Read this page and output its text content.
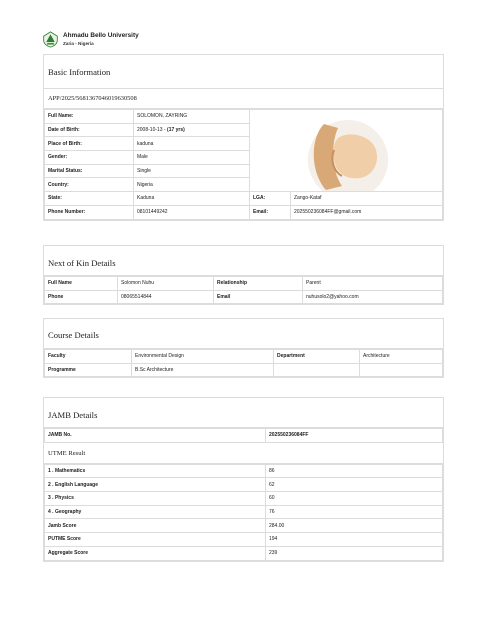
Ahmadu Bello University
Zaria - Nigeria
Basic Information
APP/2025/5681367046019630508
Full Name:	SOLOMON, ZAYRING	

Date of Birth:	2008-10-13 - (17 yrs)		
Place of Birth:	kaduna		
Gender:	Male		
Marital Status:	Single		
Country:	Nigeria		
State:	Kaduna	LGA:	Zango-Kataf
Phone Number:	08101449242	Email:	202550236084FF@gmail.com
Next of Kin Details
Full Name	Solomon Nuhu	Relationship	Parent
Phone	08065514844	Email	nuhusolo2@yahoo.com
Course Details
Faculty	Environmental Design	Department	Architecture
Programme	B.Sc Architecture		
JAMB Details
JAMB No.	202550236084FF
UTME Result
1 . Mathematics	86
2 . English Language	62
3 . Physics	60
4 . Geography	76
Jamb Score	284.00
PUTME Score	194
Aggregate Score	239
